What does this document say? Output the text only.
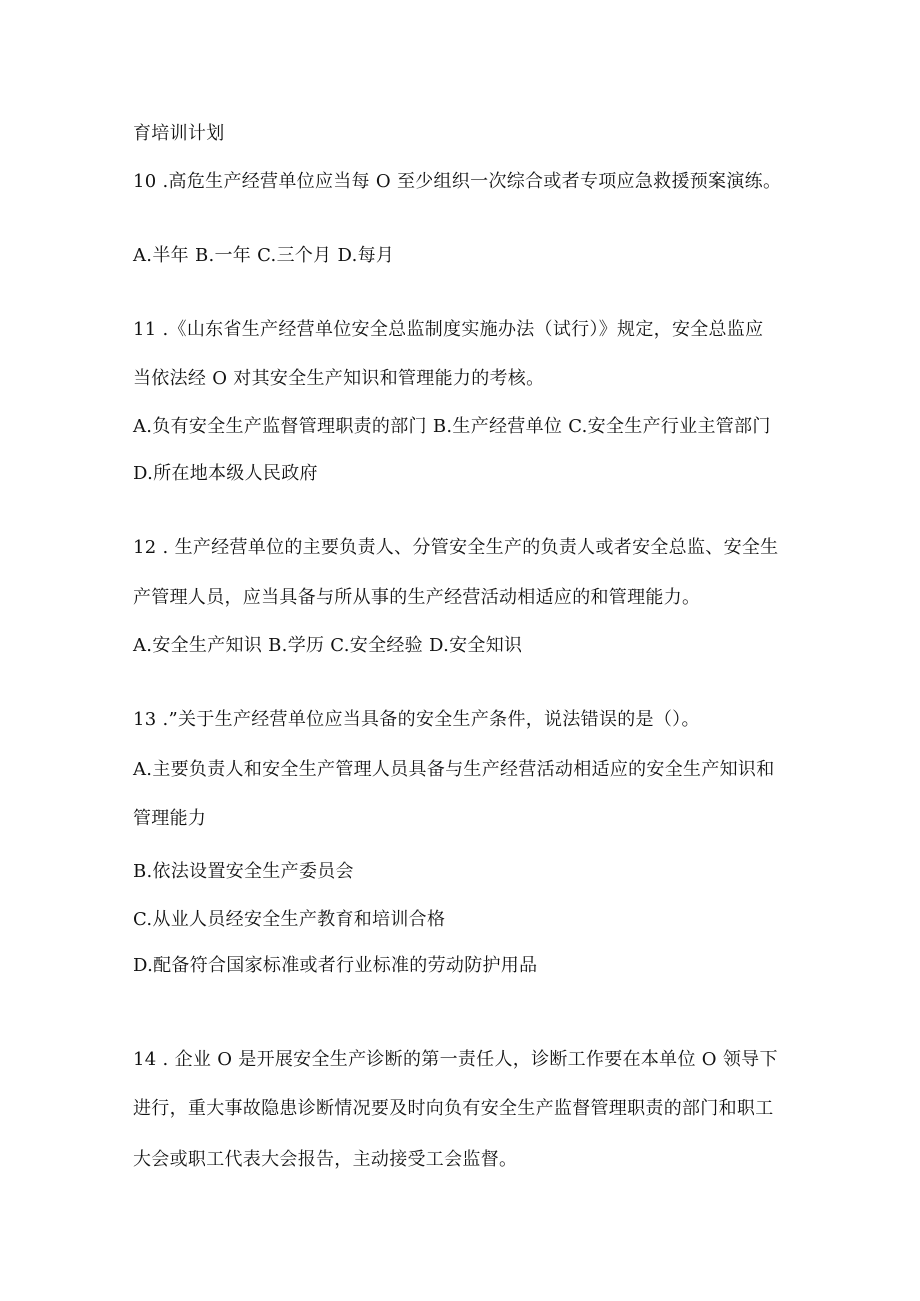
育培训计划
10 .高危生产经营单位应当每 O 至少组织一次综合或者专项应急救援预案演练。
A.半年 B.一年 C.三个月 D.每月
11 .《山东省生产经营单位安全总监制度实施办法（试行）》规定，安全总监应
当依法经 O 对其安全生产知识和管理能力的考核。
A.负有安全生产监督管理职责的部门 B.生产经营单位 C.安全生产行业主管部门
D.所在地本级人民政府
12 . 生产经营单位的主要负责人、分管安全生产的负责人或者安全总监、安全生
产管理人员，应当具备与所从事的生产经营活动相适应的和管理能力。
A.安全生产知识 B.学历 C.安全经验 D.安全知识
13 .”关于生产经营单位应当具备的安全生产条件，说法错误的是（）。
A.主要负责人和安全生产管理人员具备与生产经营活动相适应的安全生产知识和
管理能力
B.依法设置安全生产委员会
C.从业人员经安全生产教育和培训合格
D.配备符合国家标准或者行业标准的劳动防护用品
14 . 企业 O 是开展安全生产诊断的第一责任人，诊断工作要在本单位 O 领导下
进行，重大事故隐患诊断情况要及时向负有安全生产监督管理职责的部门和职工
大会或职工代表大会报告，主动接受工会监督。
